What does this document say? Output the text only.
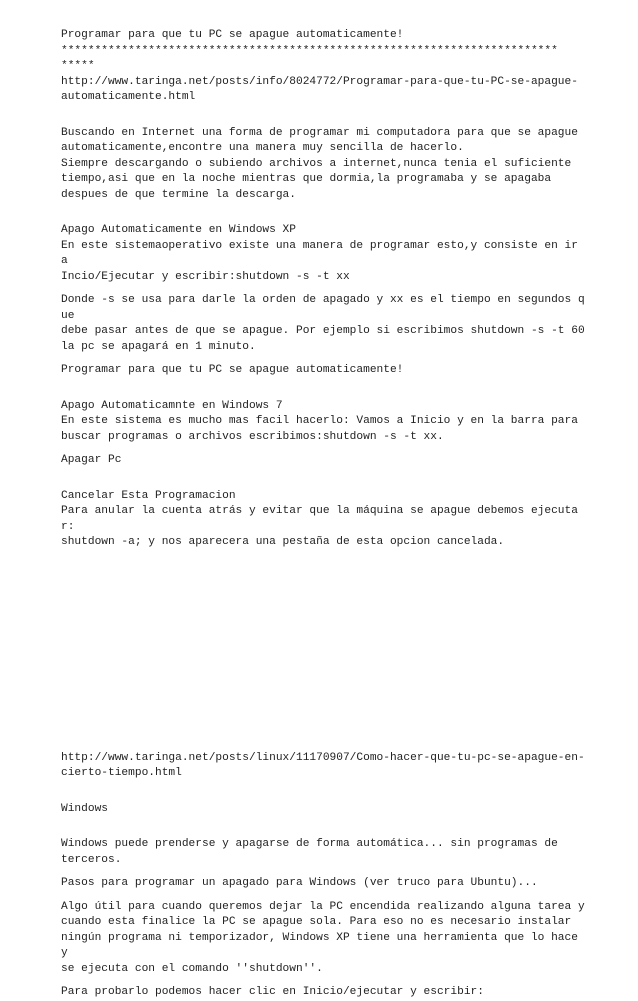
Programar para que tu PC se apague automaticamente!
**************************************************************************
*****
http://www.taringa.net/posts/info/8024772/Programar-para-que-tu-PC-se-apague-
automaticamente.html
Buscando en Internet una forma de programar mi computadora para que se apague
automaticamente,encontre una manera muy sencilla de hacerlo.
Siempre descargando o subiendo archivos a internet,nunca tenia el suficiente
tiempo,asi que en la noche mientras que dormia,la programaba y se apagaba
despues de que termine la descarga.
Apago Automaticamente en Windows XP
En este sistemaoperativo existe una manera de programar esto,y consiste en ir a
Incio/Ejecutar y escribir:shutdown -s -t xx
Donde -s se usa para darle la orden de apagado y xx es el tiempo en segundos que
debe pasar antes de que se apague. Por ejemplo si escribimos shutdown -s -t 60
la pc se apagará en 1 minuto.
Programar para que tu PC se apague automaticamente!
Apago Automaticamnte en Windows 7
En este sistema es mucho mas facil hacerlo: Vamos a Inicio y en la barra para
buscar programas o archivos escribimos:shutdown -s -t xx.
Apagar Pc
Cancelar Esta Programacion
Para anular la cuenta atrás y evitar que la máquina se apague debemos ejecutar:
shutdown -a; y nos aparecera una pestaña de esta opcion cancelada.
http://www.taringa.net/posts/linux/11170907/Como-hacer-que-tu-pc-se-apague-en-
cierto-tiempo.html
Windows
Windows puede prenderse y apagarse de forma automática... sin programas de
terceros.
Pasos para programar un apagado para Windows (ver truco para Ubuntu)...
Algo útil para cuando queremos dejar la PC encendida realizando alguna tarea y
cuando esta finalice la PC se apague sola. Para eso no es necesario instalar
ningún programa ni temporizador, Windows XP tiene una herramienta que lo hace y
se ejecuta con el comando ''shutdown''.
Para probarlo podemos hacer clic en Inicio/ejecutar y escribir:
